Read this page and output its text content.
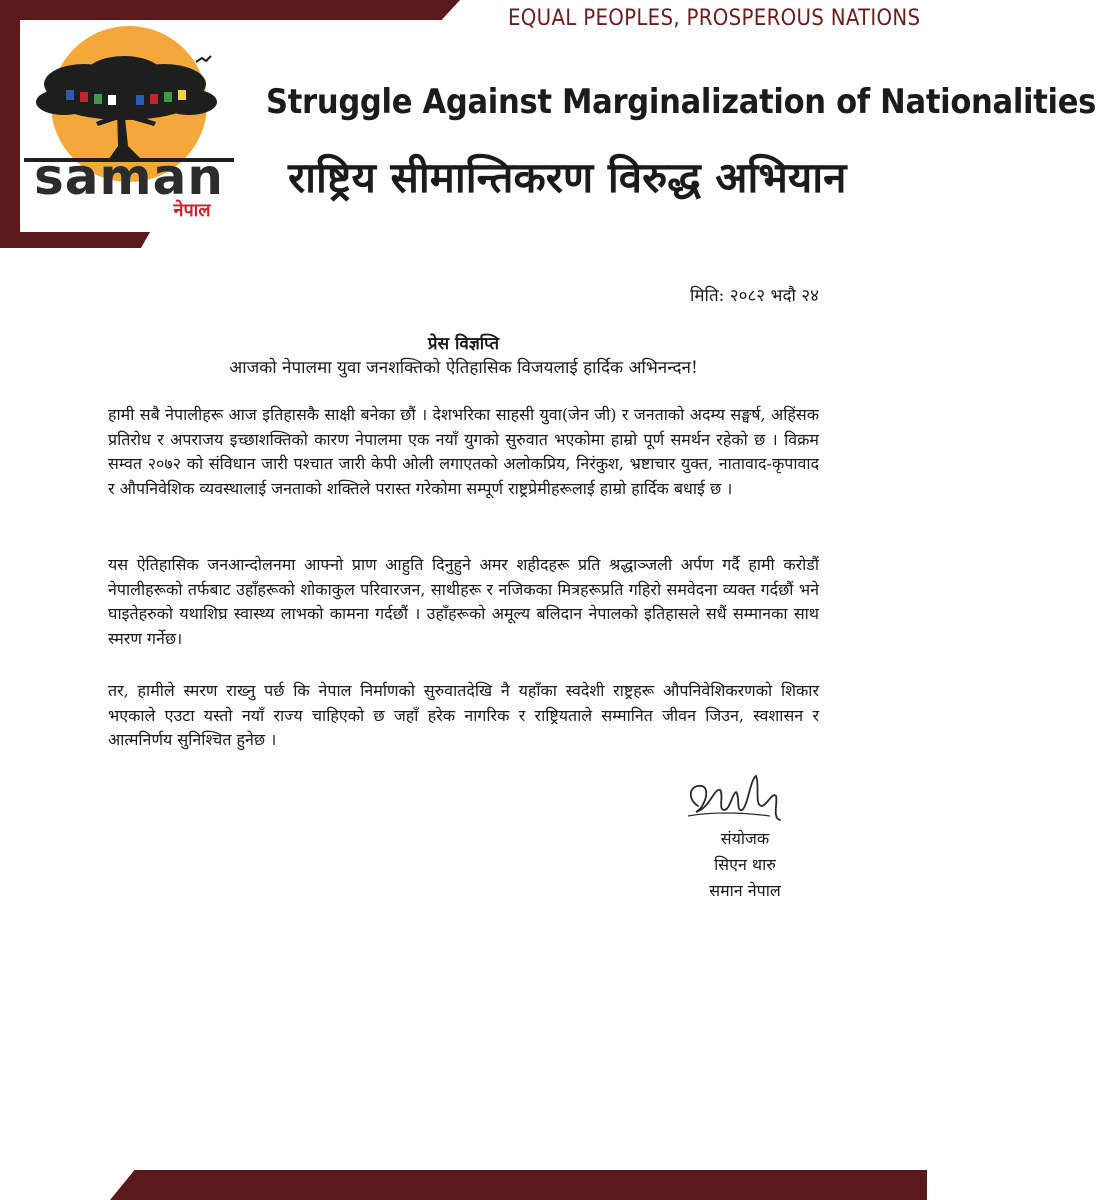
EQUAL PEOPLES, PROSPEROUS NATIONS
saman
नेपाल
Struggle Against Marginalization of Nationalities
राष्ट्रिय सीमान्तिकरण विरुद्ध अभियान
मिति: २०८२ भदौ २४
प्रेस विज्ञप्ति
आजको नेपालमा युवा जनशक्तिको ऐतिहासिक विजयलाई हार्दिक अभिनन्दन!
हामी सबै नेपालीहरू आज इतिहासकै साक्षी बनेका छौं । देशभरिका साहसी युवा(जेन जी) र जनताको अदम्य सङ्घर्ष, अहिंसक प्रतिरोध र अपराजय इच्छाशक्तिको कारण नेपालमा एक नयाँ युगको सुरुवात भएकोमा हाम्रो पूर्ण समर्थन रहेको छ । विक्रम सम्वत २०७२ को संविधान जारी पश्चात जारी केपी ओली लगाएतको अलोकप्रिय, निरंकुश, भ्रष्टाचार युक्त, नातावाद-कृपावाद र औपनिवेशिक व्यवस्थालाई जनताको शक्तिले परास्त गरेकोमा सम्पूर्ण राष्ट्रप्रेमीहरूलाई हाम्रो हार्दिक बधाई छ ।
यस ऐतिहासिक जनआन्दोलनमा आफ्नो प्राण आहुति दिनुहुने अमर शहीदहरू प्रति श्रद्धाञ्जली अर्पण गर्दै हामी करोडौं नेपालीहरूको तर्फबाट उहाँहरूको शोकाकुल परिवारजन, साथीहरू र नजिकका मित्रहरूप्रति गहिरो समवेदना व्यक्त गर्दछौं भने घाइतेहरुको यथाशिघ्र स्वास्थ्य लाभको कामना गर्दछौं । उहाँहरूको अमूल्य बलिदान नेपालको इतिहासले सधैं सम्मानका साथ स्मरण गर्नेछ।
तर, हामीले स्मरण राख्नु पर्छ कि नेपाल निर्माणको सुरुवातदेखि नै यहाँका स्वदेशी राष्ट्रहरू औपनिवेशिकरणको शिकार भएकाले एउटा यस्तो नयाँ राज्य चाहिएको छ जहाँ हरेक नागरिक र राष्ट्रियताले सम्मानित जीवन जिउन, स्वशासन र आत्मनिर्णय सुनिश्चित हुनेछ ।
संयोजक
सिएन थारु
समान नेपाल
